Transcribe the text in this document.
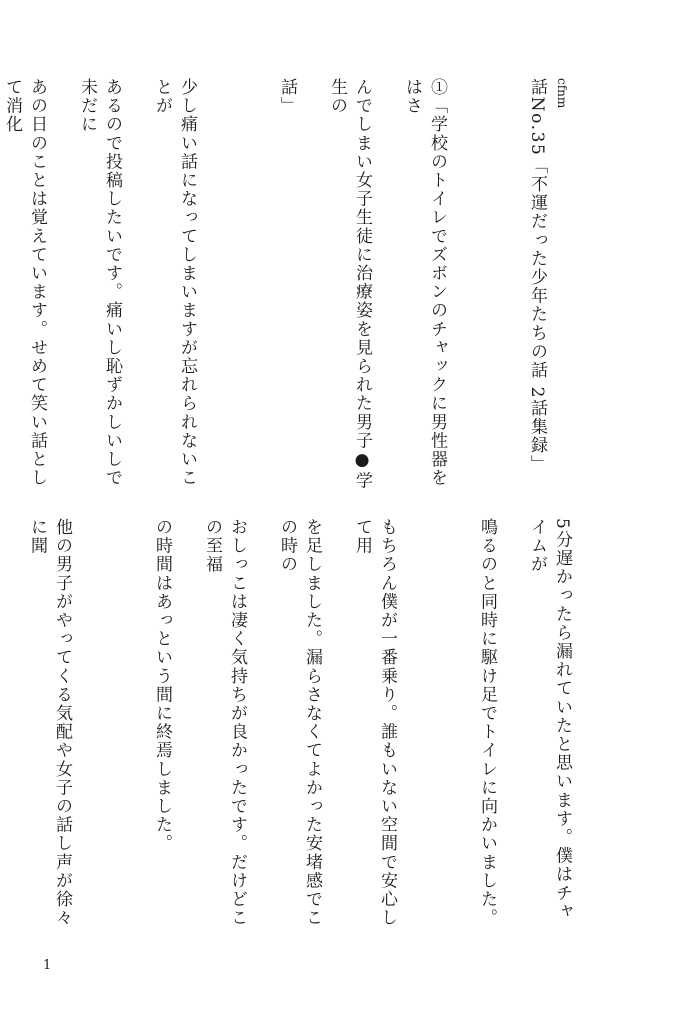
cfnm話No.35「不運だった少年たちの話 2話集録」

①「学校のトイレでズボンのチャックに男性器をはさ

んでしまい女子生徒に治療姿を見られた男子●学生の

話」

少し痛い話になってしまいますが忘れられないことが

あるので投稿したいです。痛いし恥ずかしいしで未だに

あの日のことは覚えています。せめて笑い話として消化

5分遅かったら漏れていたと思います。僕はチャイムが

鳴るのと同時に駆け足でトイレに向かいました。

もちろん僕が一番乗り。誰もいない空間で安心して用

を足しました。漏らさなくてよかった安堵感でこの時の

おしっこは凄く気持ちが良かったです。だけどこの至福

の時間はあっという間に終焉しました。

他の男子がやってくる気配や女子の話し声が徐々に聞

1
